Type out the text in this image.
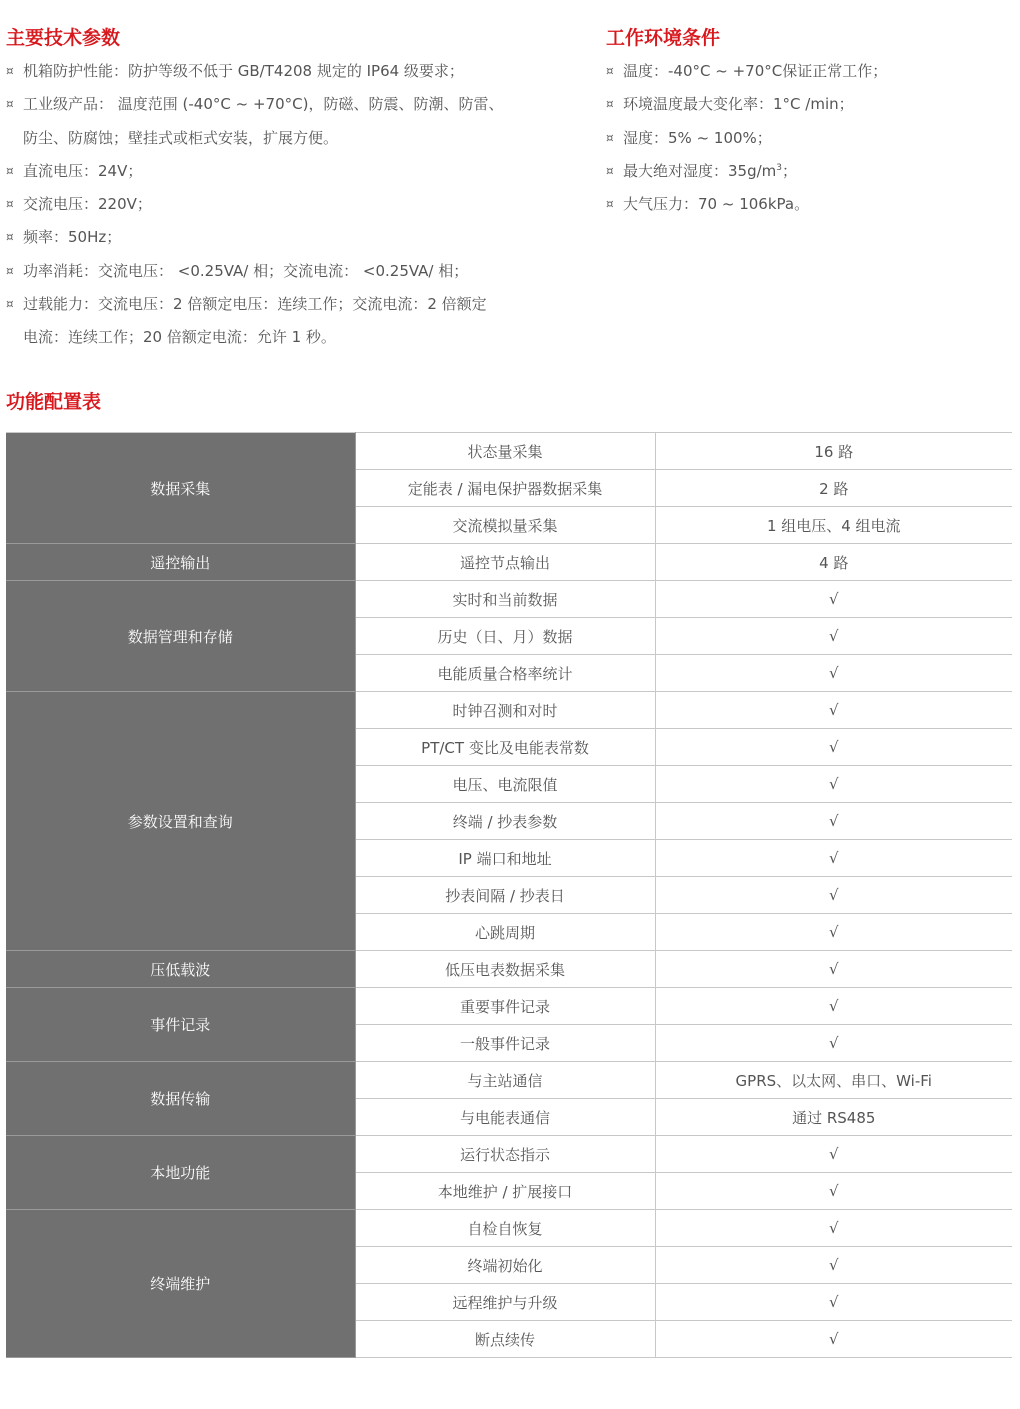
主要技术参数
¤ 机箱防护性能：防护等级不低于 GB/T4208 规定的 IP64 级要求；
¤ 工业级产品： 温度范围 (-40°C ~ +70°C)，防磁、防震、防潮、防雷、
防尘、防腐蚀；壁挂式或柜式安装，扩展方便。
¤ 直流电压：24V；
¤ 交流电压：220V；
¤ 频率：50Hz；
¤ 功率消耗：交流电压： <0.25VA/ 相；交流电流： <0.25VA/ 相；
¤ 过载能力：交流电压：2 倍额定电压：连续工作；交流电流：2 倍额定
电流：连续工作；20 倍额定电流：允许 1 秒。
工作环境条件
¤ 温度：-40°C ~ +70°C保证正常工作；
¤ 环境温度最大变化率：1°C /min；
¤ 湿度：5% ~ 100%；
¤ 最大绝对湿度：$35g/m^3$；
¤ 大气压力：70 ~ 106kPa。
功能配置表
数据采集	状态量采集	16 路
	定能表 / 漏电保护器数据采集	2 路
	交流模拟量采集	1 组电压、4 组电流
遥控输出	遥控节点输出	4 路
数据管理和存储	实时和当前数据	√
	历史（日、月）数据	√
	电能质量合格率统计	√
参数设置和查询	时钟召测和对时	√
	PT/CT 变比及电能表常数	√
	电压、电流限值	√
	终端 / 抄表参数	√
	IP 端口和地址	√
	抄表间隔 / 抄表日	√
	心跳周期	√
压低载波	低压电表数据采集	√
事件记录	重要事件记录	√
	一般事件记录	√
数据传输	与主站通信	GPRS、以太网、串口、Wi-Fi
	与电能表通信	通过 RS485
本地功能	运行状态指示	√
	本地维护 / 扩展接口	√
终端维护	自检自恢复	√
	终端初始化	√
	远程维护与升级	√
	断点续传	√
